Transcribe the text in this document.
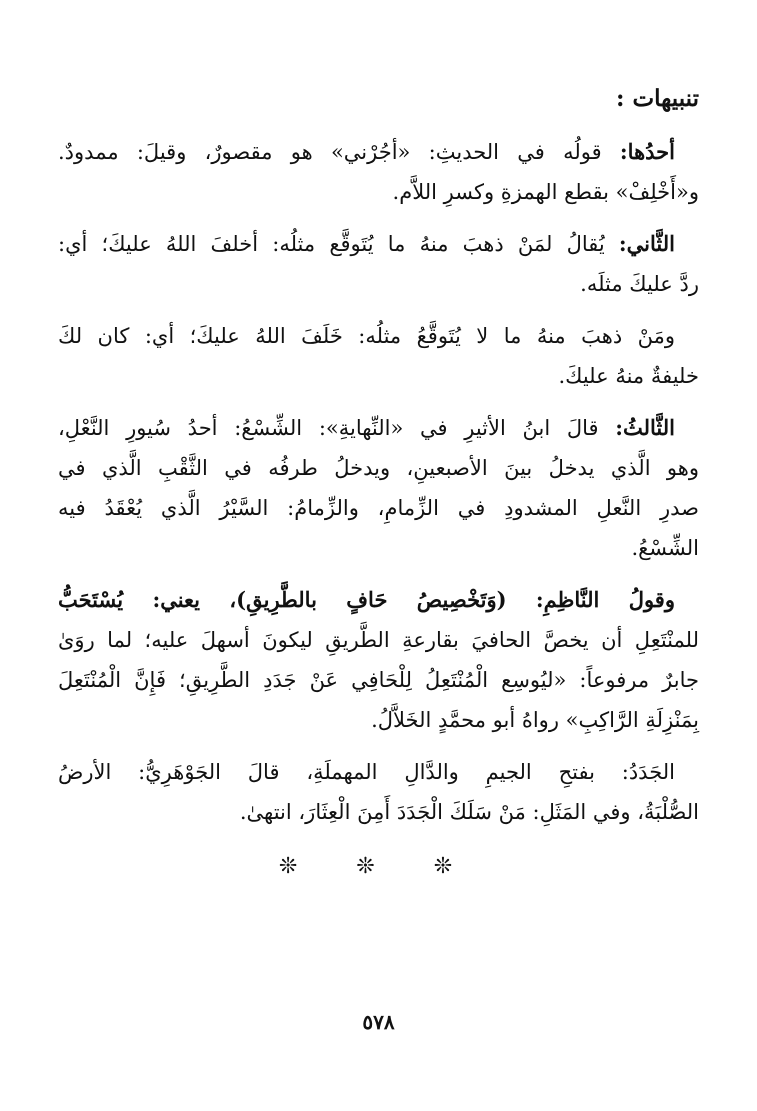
تنبيهات :
أحدُها: قولُه في الحديثِ: «أجُرْني» هو مقصورٌ، وقيلَ: ممدودٌ.
و«أَخْلِفْ» بقطع الهمزةِ وكسرِ اللاَّم.
الثَّاني: يُقالُ لمَنْ ذهبَ منهُ ما يُتَوقَّع مثلُه: أخلفَ اللهُ عليكَ؛ أي:
ردَّ عليكَ مثلَه.
ومَنْ ذهبَ منهُ ما لا يُتَوقَّعُ مثلُه: خَلَفَ اللهُ عليكَ؛ أي: كان لكَ
خليفةٌ منهُ عليكَ.
الثَّالثُ: قالَ ابنُ الأثيرِ في «النِّهايةِ»: الشِّسْعُ: أحدُ سُيورِ النَّعْلِ،
وهو الَّذي يدخلُ بينَ الأصبعينِ، ويدخلُ طرفُه في الثَّقْبِ الَّذي في
صدرِ النَّعلِ المشدودِ في الزِّمامِ، والزِّمامُ: السَّيْرُ الَّذي يُعْقَدُ فيه
الشِّسْعُ.
وقولُ النَّاظِمِ: (وَتَخْصِيصُ حَافٍ بالطَّرِيقِ)، يعني: يُسْتَحَبُّ
للمنْتَعِلِ أن يخصَّ الحافيَ بقارعةِ الطَّريقِ ليكونَ أسهلَ عليه؛ لما روَىٰ
جابرٌ مرفوعاً: «ليُوسِع الْمُنْتَعِلُ لِلْحَافِي عَنْ جَدَدِ الطَّرِيقِ؛ فَإِنَّ الْمُنْتَعِلَ
بِمَنْزِلَةِ الرَّاكِبِ» رواهُ أبو محمَّدٍ الخَلاَّلُ.
الجَدَدُ: بفتحِ الجيمِ والدَّالِ المهملَةِ، قالَ الجَوْهَرِيُّ: الأرضُ
الصُّلْبَةُ، وفي المَثَلِ: مَنْ سَلَكَ الْجَدَدَ أَمِنَ الْعِثَارَ، انتهىٰ.
❊ ❊ ❊
٥٧٨
